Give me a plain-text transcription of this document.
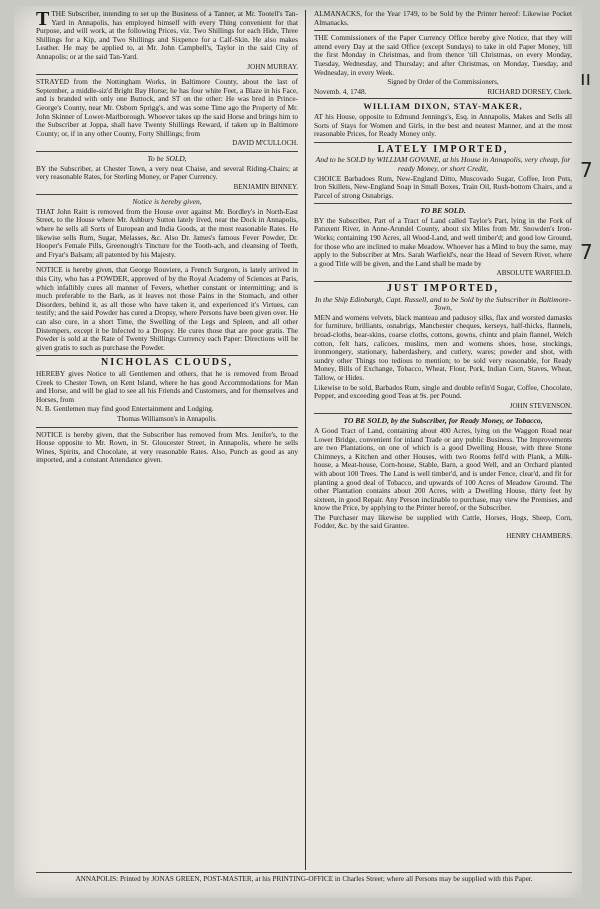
TTHE Subscriber, intending to set up the Business of a Tanner, at Mr. Tootell's Tan-Yard in Annapolis, has employed himself with every Thing convenient for that Purpose, and will work, at the following Prices, viz. Two Shillings for each Hide, Three Shillings for a Kip, and Two Shillings and Sixpence for a Calf-Skin. He also makes Leather. He may be applied to, at Mr. John Campbell's, Taylor in the said City of Annapolis; or at the said Tan-Yard.

JOHN MURRAY.

STRAYED from the Nottingham Works, in Baltimore County, about the last of September, a middle-siz'd Bright Bay Horse; he has four white Feet, a Blaze in his Face, and is branded with only one Buttock, and ST on the other: He was bred in Prince-George's County, near Mr. Osborn Sprigg's, and was some Time ago the Property of Mr. John Skinner of Lower-Marlborough. Whoever takes up the said Horse and brings him to the Subscriber at Joppa, shall have Twenty Shillings Reward, if taken up in Baltimore County; or, if in any other County, Forty Shillings; from

DAVID M'CULLOCH.

To be SOLD,

BY the Subscriber, at Chester Town, a very neat Chaise, and several Riding-Chairs; at very reasonable Rates, for Sterling Money, or Paper Currency.

BENJAMIN BINNEY.

Notice is hereby given,

THAT John Raitt is removed from the House over against Mr. Bordley's in North-East Street, to the House where Mr. Ashbury Sutton lately lived, near the Dock in Annapolis, where he sells all Sorts of European and India Goods, at the most reasonable Rates. He likewise sells Rum, Sugar, Melasses, &c. Also Dr. James's famous Fever Powder, Dr. Hooper's Female Pills, Greenough's Tincture for the Tooth-ach, and cleansing of Teeth, and Fryar's Balsam; all patented by his Majesty.

NOTICE is hereby given, that George Rouviere, a French Surgeon, is lately arrived in this City, who has a POWDER, approved of by the Royal Academy of Sciences at Paris, which infallibly cures all manner of Fevers, whether constant or intermitting; and is much preferable to the Bark, as it leaves not those Pains in the Stomach, and other Disorders, behind it, as all those who have taken it, and experienced it's Virtues, can testify; and the said Powder has cured a Dropsy, where Persons have been given over. He can also cure, in a short Time, the Swelling of the Legs and Spleen, and all other Distempers, except it be Infected to a Dropsy. He cures those that are poor gratis. The Powder is sold at the Rate of Twenty Shillings Currency each Paper: Directions will be given gratis to such as purchase the Powder.

NICHOLAS CLOUDS,

HEREBY gives Notice to all Gentlemen and others, that he is removed from Broad Creek to Chester Town, on Kent Island, where he has good Accommodations for Man and Horse, and will be glad to see all his Friends and Customers, and for themselves and Horses, from

N. B. Gentlemen may find good Entertainment and Lodging.

Thomas Williamson's in Annapolis.

NOTICE is hereby given, that the Subscriber has removed from Mrs. Jenifer's, to the House opposite to Mr. Rown, in St. Gloucester Street, in Annapolis, where he sells Wines, Spirits, and Chocolate, at very reasonable Rates. Also, Punch as good as any imported, and a constant Attendance given.

ALMANACKS, for the Year 1749, to be Sold by the Printer hereof: Likewise Pocket Almanacks.

THE Commissioners of the Paper Currency Office hereby give Notice, that they will attend every Day at the said Office (except Sundays) to take in old Paper Money, 'till the first Monday in Christmas, and from thence 'till Christmas, on every Monday, Tuesday, Wednesday, and Thursday; and after Christmas, on Monday, Tuesday, and Wednesday, in every Week.

Signed by Order of the Commissioners,

Novemb. 4, 1748.	RICHARD DORSEY, Clerk.

WILLIAM DIXON, STAY-MAKER,

AT his House, opposite to Edmund Jennings's, Esq. in Annapolis, Makes and Sells all Sorts of Stays for Women and Girls, in the best and neatest Manner, and at the most reasonable Prices, for Ready Money only.

LATELY IMPORTED,
And to be SOLD by WILLIAM GOVANE, at his House in Annapolis, very cheap, for ready Money, or short Credit,

CHOICE Barbadoes Rum, New-England Ditto, Muscovado Sugar, Coffee, Iron Pots, Iron Skillets, New-England Soap in Small Boxes, Train Oil, Rush-bottom Chairs, and a Parcel of strong Osnabrigs.

TO BE SOLD.

BY the Subscriber, Part of a Tract of Land called Taylor's Part, lying in the Fork of Patuxent River, in Anne-Arundel County, about six Miles from Mr. Snowden's Iron-Works; containing 190 Acres, all Wood-Land, and well timber'd; and good low Ground, for those who are inclined to make Meadow. Whoever has a Mind to buy the same, may apply to the Subscriber at Mrs. Sarah Warfield's, near the Head of Severn River, where a good Title will be given, and the Land shall be made by

ABSOLUTE WARFIELD.

JUST IMPORTED,
In the Ship Edinburgh, Capt. Russell, and to be Sold by the Subscriber in Baltimore-Town,

MEN and womens velvets, black manteau and padusoy silks, flax and worsted damasks for furniture, brilliants, osnabrigs, Manchester cheques, kerseys, half-thicks, flannels, broad-cloths, bear-skins, coarse cloths, cottons, gowns, chintz and plain flannel, Welch cotton, felt hats, calicoes, muslins, men and womens shoes, hose, stockings, ironmongery, stationary, haberdashery, and cutlery, wares; powder and shot, with sundry other Things too tedious to mention; to be sold very reasonable, for Ready Money, Bills of Exchange, Tobacco, Wheat, Flour, Pork, Indian Corn, Staves, Wheat, Tallow, or Hides.

Likewise to be sold, Barbados Rum, single and double refin'd Sugar, Coffee, Chocolate, Pepper, and exceeding good Teas at 9s. per Pound.

JOHN STEVENSON.

TO BE SOLD, by the Subscriber, for Ready Money, or Tobacco,

A Good Tract of Land, containing about 400 Acres, lying on the Waggon Road near Lower Bridge, convenient for inland Trade or any public Business. The Improvements are two Plantations, on one of which is a good Dwelling House, with three Stone Chimneys, a Kitchen and other Houses, with two Rooms fell'd with Plank, a Milk-house, a Meat-house, Corn-house, Stable, Barn, a good Well, and an Orchard planted with about 100 Trees. The Land is well timber'd, and is under Fence, clear'd, and fit for planting a good deal of Tobacco, and upwards of 100 Acres of Meadow Ground. The other Plantation contains about 200 Acres, with a Dwelling House, thirty feet by sixteen, in good Repair. Any Person inclinable to purchase, may view the Premises, and know the Price, by applying to the Printer hereof, or the Subscriber.

The Purchaser may likewise be supplied with Cattle, Horses, Hogs, Sheep, Corn, Fodder, &c. by the said Grantee.

HENRY CHAMBERS.

ANNAPOLIS: Printed by JONAS GREEN, POST-MASTER, at his PRINTING-OFFICE in Charles Street; where all Persons may be supplied with this Paper.
ıı
7
7
